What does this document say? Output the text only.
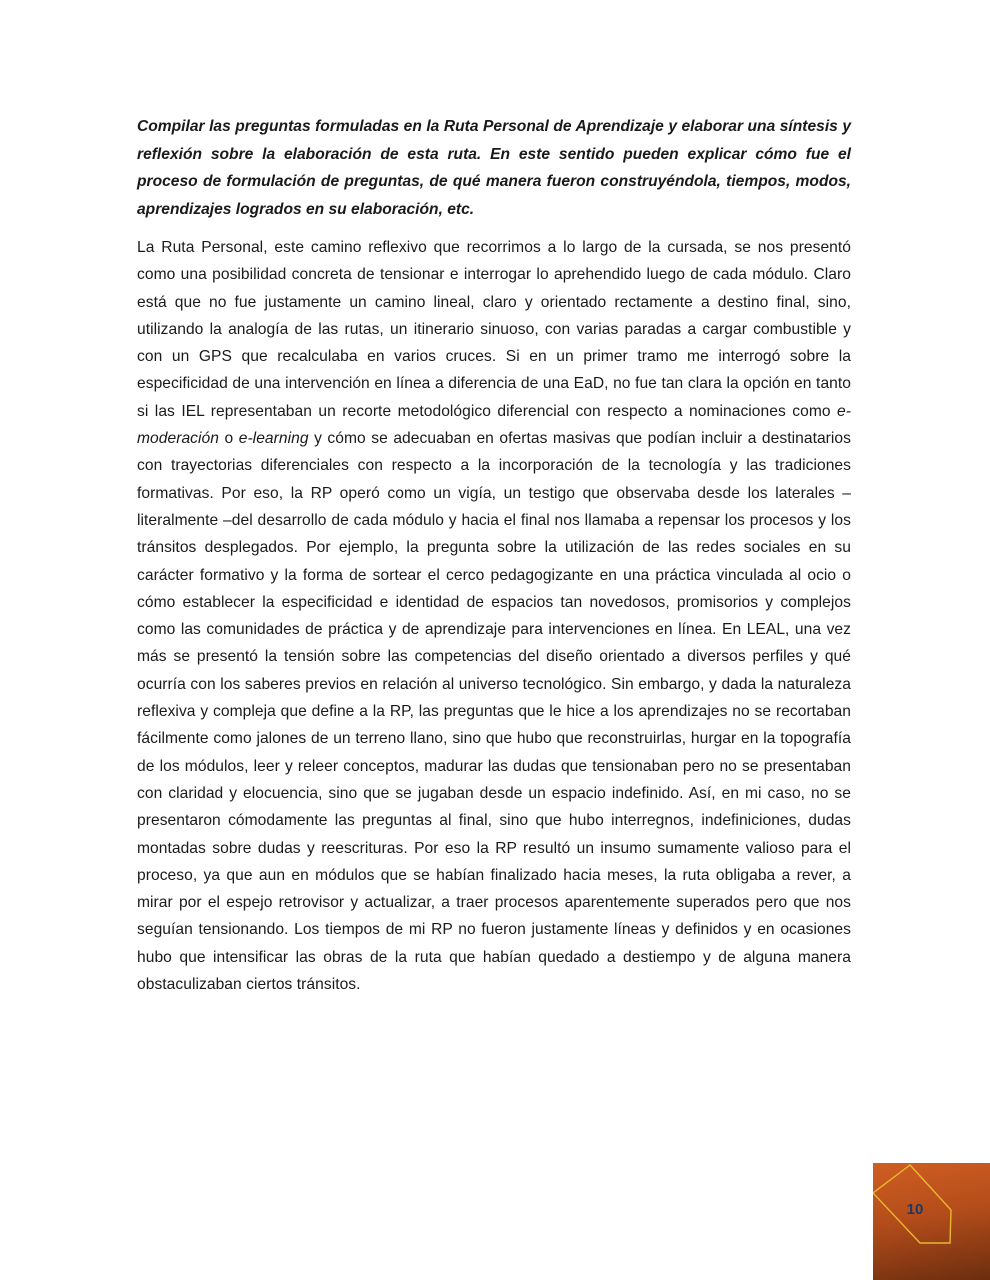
Compilar las preguntas formuladas en la Ruta Personal de Aprendizaje y elaborar una síntesis y reflexión sobre la elaboración de esta ruta. En este sentido pueden explicar cómo fue el proceso de formulación de preguntas, de qué manera fueron construyéndola, tiempos, modos, aprendizajes logrados en su elaboración, etc.

La Ruta Personal, este camino reflexivo que recorrimos a lo largo de la cursada, se nos presentó como una posibilidad concreta de tensionar e interrogar lo aprehendido luego de cada módulo. Claro está que no fue justamente un camino lineal, claro y orientado rectamente a destino final, sino, utilizando la analogía de las rutas, un itinerario sinuoso, con varias paradas a cargar combustible y con un GPS que recalculaba en varios cruces. Si en un primer tramo me interrogó sobre la especificidad de una intervención en línea a diferencia de una EaD, no fue tan clara la opción en tanto si las IEL representaban un recorte metodológico diferencial con respecto a nominaciones como e-moderación o e-learning y cómo se adecuaban en ofertas masivas que podían incluir a destinatarios con trayectorias diferenciales con respecto a la incorporación de la tecnología y las tradiciones formativas. Por eso, la RP operó como un vigía, un testigo que observaba desde los laterales –literalmente –del desarrollo de cada módulo y hacia el final nos llamaba a repensar los procesos y los tránsitos desplegados. Por ejemplo, la pregunta sobre la utilización de las redes sociales en su carácter formativo y la forma de sortear el cerco pedagogizante en una práctica vinculada al ocio o cómo establecer la especificidad e identidad de espacios tan novedosos, promisorios y complejos como las comunidades de práctica y de aprendizaje para intervenciones en línea. En LEAL, una vez más se presentó la tensión sobre las competencias del diseño orientado a diversos perfiles y qué ocurría con los saberes previos en relación al universo tecnológico. Sin embargo, y dada la naturaleza reflexiva y compleja que define a la RP, las preguntas que le hice a los aprendizajes no se recortaban fácilmente como jalones de un terreno llano, sino que hubo que reconstruirlas, hurgar en la topografía de los módulos, leer y releer conceptos, madurar las dudas que tensionaban pero no se presentaban con claridad y elocuencia, sino que se jugaban desde un espacio indefinido. Así, en mi caso, no se presentaron cómodamente las preguntas al final, sino que hubo interregnos, indefiniciones, dudas montadas sobre dudas y reescrituras. Por eso la RP resultó un insumo sumamente valioso para el proceso, ya que aun en módulos que se habían finalizado hacia meses, la ruta obligaba a rever, a mirar por el espejo retrovisor y actualizar, a traer procesos aparentemente superados pero que nos seguían tensionando. Los tiempos de mi RP no fueron justamente líneas y definidos y en ocasiones hubo que intensificar las obras de la ruta que habían quedado a destiempo y de alguna manera obstaculizaban ciertos tránsitos.

10
